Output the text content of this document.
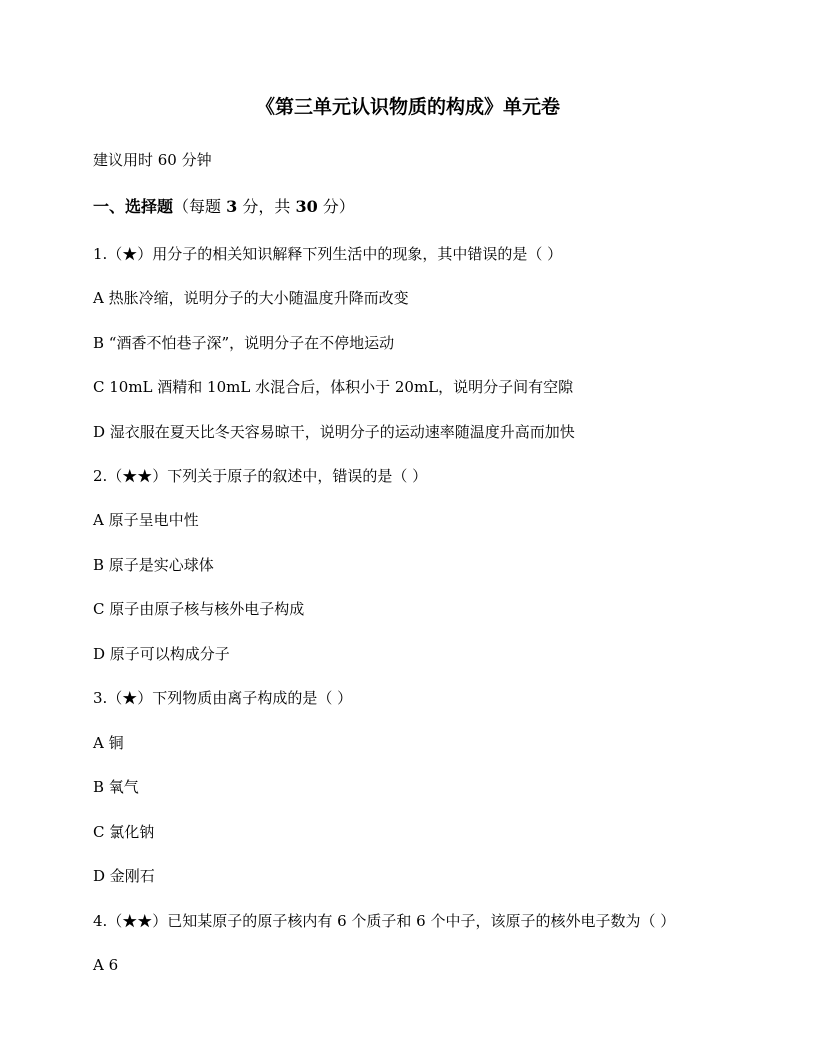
《第三单元认识物质的构成》单元卷
建议用时 60 分钟
一、选择题（每题 3 分，共 30 分）
1.（★）用分子的相关知识解释下列生活中的现象，其中错误的是（ ）
A 热胀冷缩，说明分子的大小随温度升降而改变
B “酒香不怕巷子深”，说明分子在不停地运动
C 10mL 酒精和 10mL 水混合后，体积小于 20mL，说明分子间有空隙
D 湿衣服在夏天比冬天容易晾干，说明分子的运动速率随温度升高而加快
2.（★★）下列关于原子的叙述中，错误的是（ ）
A 原子呈电中性
B 原子是实心球体
C 原子由原子核与核外电子构成
D 原子可以构成分子
3.（★）下列物质由离子构成的是（ ）
A 铜
B 氧气
C 氯化钠
D 金刚石
4.（★★）已知某原子的原子核内有 6 个质子和 6 个中子，该原子的核外电子数为（ ）
A 6
